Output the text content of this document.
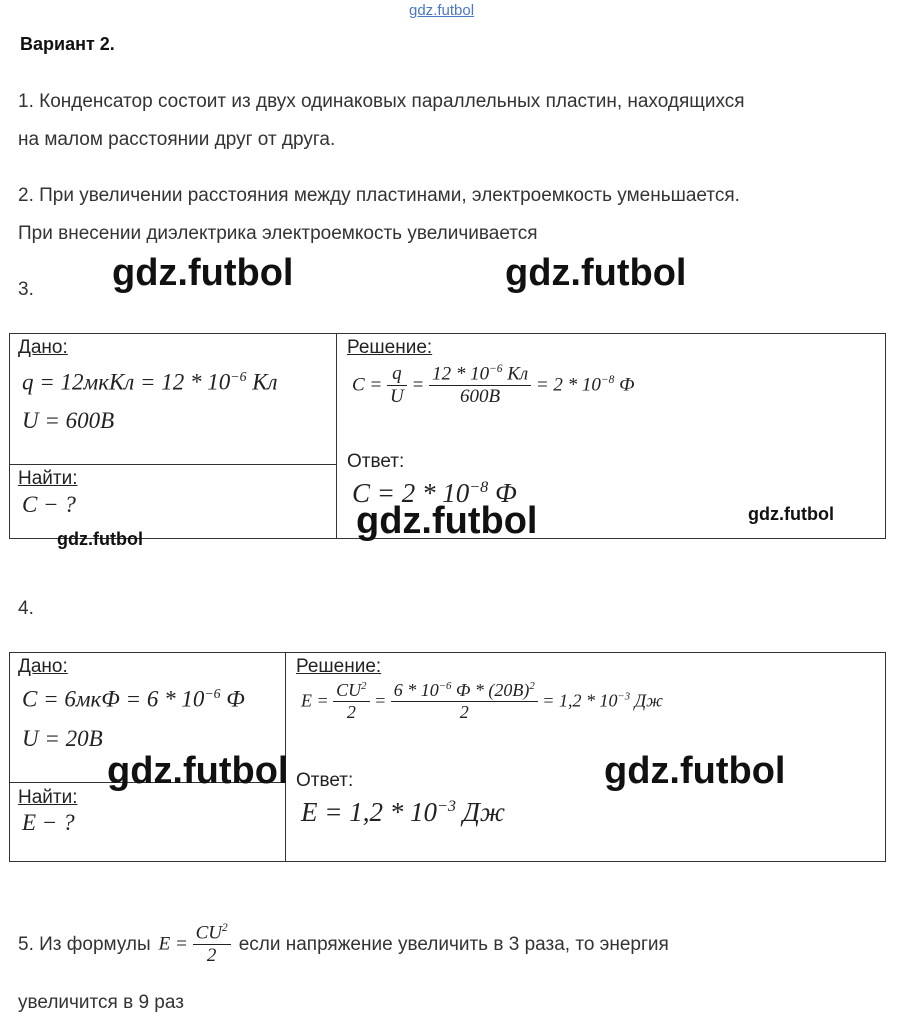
gdz.futbol
Вариант 2.
1. Конденсатор состоит из двух одинаковых параллельных пластин, находящихся
на малом расстоянии друг от друга.
2. При увеличении расстояния между пластинами, электроемкость уменьшается.
При внесении диэлектрика электроемкость увеличивается
3. gdz.futbol	gdz.futbol
Дано:
q = 12мкКл = $12 * 10^{-6}$ Кл
U = 600B
Найти:
C − ?
Решение:
$C = \frac{q}{U} = \frac{12 * 10^{-6} Кл}{600B} = 2 * 10^{-8}$ Ф
Ответ:
$C = 2 * 10^{-8}$ Ф
gdz.futbol	gdz.futbol
gdz.futbol
4.
Дано:
$C = 6мкФ = 6 * 10^{-6}$ Ф
U = 20B
Найти:
E − ?
Решение:
$E = \frac{CU^2}{2} = \frac{6 * 10^{-6} Ф * (20B)^2}{2} = 1,2 * 10^{-3}$ Дж
Ответ:
$E = 1,2 * 10^{-3}$ Дж
gdz.futbol	gdz.futbol
5. Из формулы $E = \frac{CU^2}{2}$ если напряжение увеличить в 3 раза, то энергия
увеличится в 9 раз
